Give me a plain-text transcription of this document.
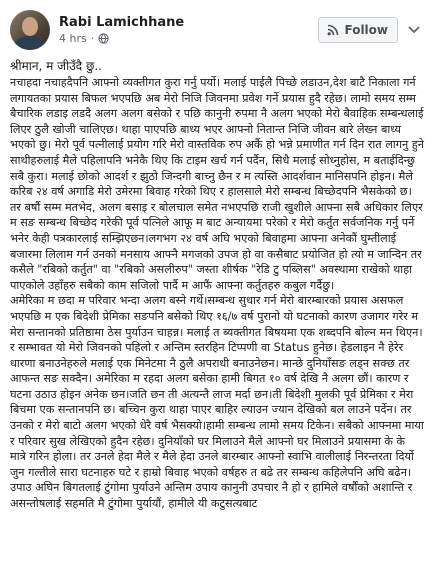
Rabi Lamichhane
4 hrs ·
Follow
श्रीमान, म जीउँदै छु..

नचाहदा नचाहदैपनि आफ्नो व्यक्तीगत कुरा गर्नु पर्यो। मलाई पाईलै पिच्छे लडाउन,देश बाटै निकाला गर्न लगायतका प्रयास बिफल भएपछि अब मेरो निजि जिवनमा प्रवेश गर्ने प्रयास हुदै रहेछ। लामो समय सम्म बैचारिक लडाइ लडदै अलग अलग बसेको र पछि कानुनी रुपमा नै अलग भएको मेरो बैवाहिक सम्बन्धलाई लिएर ठुलै खोजी चालिएछ। थाहा पाएपछि बाध्य भएर आफ्नो नितान्त निजि जीवन बारे लेख्न बाध्य भएको छु। मेरो पूर्व पत्नीलाई प्रयोग गरि मेरो वास्तविक रुप अर्कै हो भन्ने प्रमाणीत गर्न दिन रात लागनु हुने साथीहरुलाई मैले पहिलापनि भनेकै थिए कि टाइम खर्च गर्न पर्दैन, सिधै मलाई सोध्नुहोस, म बताईदिन्छु सबै कुरा। मलाई छोको आदर्श र झुठो जिन्दगी बाच्नु छैन र म त्यस्ति आदर्शवान मानिसपनि होइन। मैले करिब २४ वर्ष अगाडि मेरो उमेरमा बिवाह गरेको थिए र हालसाले मेरो सम्बन्ध बिच्छेदपनि भैसकेको छ। तर बर्षौ सम्म मतभेद, अलग बसाइ र बोलचाल समेत नभएपछि राजी खुशीले आफ्ना सबै अधिकार लिएर म सङ सम्बन्ध बिच्छेद गरेकी पूर्व पत्निले आफू म बाट अन्यायमा परेको र मेरो कर्तुत सर्वजनिक गर्नु पर्ने भनेर केही पत्रकारलाई सम्झिएछन।लगभग २४ वर्ष अघि भएको बिवाहमा आफ्ना अनेकौं घुम्तीलाई बजारमा लिलाम गर्न उनको मनसाय आफ्नै मगजको उपज हो वा कसैबाट प्रयोजित हो त्यो म जान्दिन तर कसैले "रबिको कर्तुत" वा "रबिको असलीरुप" जस्ता शीर्षक "रेडि टु पब्लिस" अवस्थामा राखेको थाहा पाएकोले उहाँहरु सबैको काम सजिलो पार्दै म आफैं आफ्ना कर्तुतहरु कबुल गर्दैछु।

अमेरिका म छदा म परिवार भन्दा अलग बस्ने गर्थे।सम्बन्ध सुधार गर्न मेरो बारम्बारको प्रयास असफल भएपछि म एक बिदेशी प्रेमिका सङपनि बसेको थिए १६/७ वर्ष पुरानो यो घटनाको कारण उजागर गरेर म मेरा सन्तानको प्रतिष्ठामा ठेस पुर्याउन चाहन्न। मलाई त ब्यक्तीगत बिषयमा एक शब्दपनि बोल्न मन थिएन। र सम्भावत यो मेरो जिवनको पहिलो र अन्तिम स्तरहिन टिप्पणी वा Status हुनेछ। हेडलाइन नै हेरेर धारणा बनाउनेहरुले मलाई एक मिनेटमा नै ठुलै अपराधी बनाउनेछन। मान्छे दुनियाँसङ लड्न सक्छ तर आफन्त सङ सक्दैन। अमेरिका म रहदा अलग बसेका हामी बिगत १० वर्ष देखि नै अलग छौं। कारण र घटना उठाउ होइन अनेक छन।जति छन ती अत्यन्तै लाज मर्दा छन।ती बिदेशी मुलकी पूर्व प्रेमिका र मेरा बिचमा एक सन्तानपनि छ। बच्चिन कुरा थाहा पाएर बाहिर ल्याउन ज्यान देखिको बल लाउने पर्देन। तर उनको र मेरो बाटो अलग भएको धेरै वर्ष भैसक्यो।हामी सम्बन्ध लामो समय टिकेन। सबैको आफ्नमा माया र परिवार सुख लेखिएको हुदैन रहेछ। दुनियाँको घर मिलाउने मैले आफ्नो घर मिलाउने प्रयासमा के के मात्रे गरिन होला। तर उनले हेदा मैले र मैले हेदा उनले बारम्बार आफ्नो स्वाभि वालीलाई निरन्तरता दिर्यो जुन गल्तीले सारा घटनाहरु घटे र हाम्रो बिवाह भएको वर्षहरु त बढे तर सम्बन्ध कहिलेपनि अघि बढेन। उपाउ अघिन बिगतलाई टुंगोमा पुर्याउने अन्तिम उपाय कानुनी उपचार नै हो र हामिले वर्षौंको अशान्ति र असन्तोषलाई सहमति मै टुंगोमा पुर्यायौं, हामीले यी कटुसत्यबाट
